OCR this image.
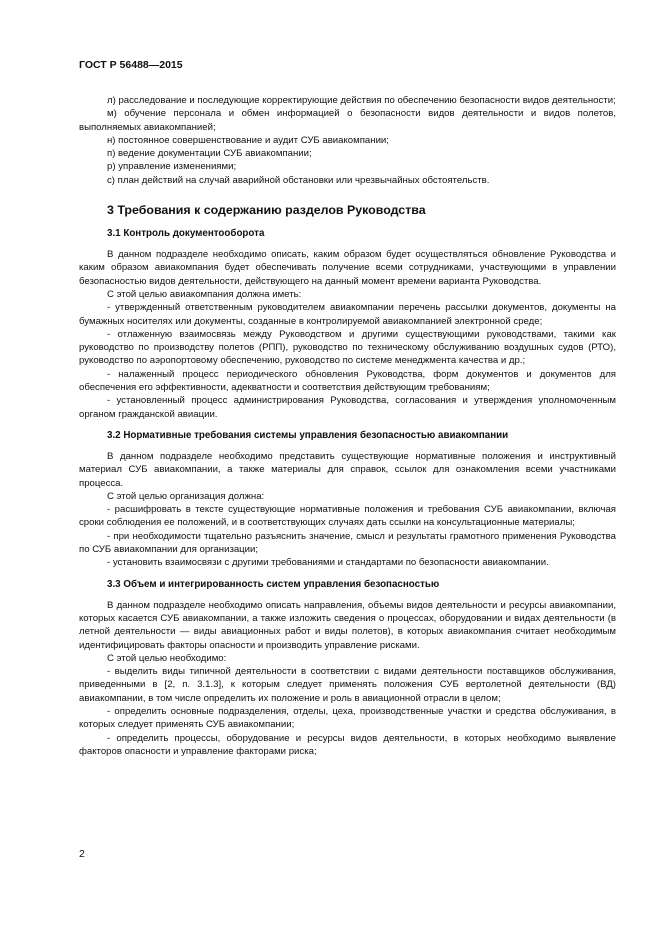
ГОСТ Р 56488—2015

л) расследование и последующие корректирующие действия по обеспечению безопасности видов деятельности;

м) обучение персонала и обмен информацией о безопасности видов деятельности и видов полетов, выполняемых авиакомпанией;

н) постоянное совершенствование и аудит СУБ авиакомпании;

п) ведение документации СУБ авиакомпании;

р) управление изменениями;

с) план действий на случай аварийной обстановки или чрезвычайных обстоятельств.

3 Требования к содержанию разделов Руководства
3.1 Контроль документооборота

В данном подразделе необходимо описать, каким образом будет осуществляться обновление Руководства и каким образом авиакомпания будет обеспечивать получение всеми сотрудниками, участвующими в управлении безопасностью видов деятельности, действующего на данный момент времени варианта Руководства.

С этой целью авиакомпания должна иметь:

- утвержденный ответственным руководителем авиакомпании перечень рассылки документов, документы на бумажных носителях или документы, созданные в контролируемой авиакомпанией электронной среде;

- отлаженную взаимосвязь между Руководством и другими существующими руководствами, такими как руководство по производству полетов (РПП), руководство по техническому обслуживанию воздушных судов (РТО), руководство по аэропортовому обеспечению, руководство по системе менеджмента качества и др.;

- налаженный процесс периодического обновления Руководства, форм документов и документов для обеспечения его эффективности, адекватности и соответствия действующим требованиям;

- установленный процесс администрирования Руководства, согласования и утверждения уполномоченным органом гражданской авиации.

3.2 Нормативные требования системы управления безопасностью авиакомпании

В данном подразделе необходимо представить существующие нормативные положения и инструктивный материал СУБ авиакомпании, а также материалы для справок, ссылок для ознакомления всеми участниками процесса.

С этой целью организация должна:

- расшифровать в тексте существующие нормативные положения и требования СУБ авиакомпании, включая сроки соблюдения ее положений, и в соответствующих случаях дать ссылки на консультационные материалы;

- при необходимости тщательно разъяснить значение, смысл и результаты грамотного применения Руководства по СУБ авиакомпании для организации;

- установить взаимосвязи с другими требованиями и стандартами по безопасности авиакомпании.

3.3 Объем и интегрированность систем управления безопасностью

В данном подразделе необходимо описать направления, объемы видов деятельности и ресурсы авиакомпании, которых касается СУБ авиакомпании, а также изложить сведения о процессах, оборудовании и видах деятельности (в летной деятельности — виды авиационных работ и виды полетов), в которых авиакомпания считает необходимым идентифицировать факторы опасности и производить управление рисками.

С этой целью необходимо:

- выделить виды типичной деятельности в соответствии с видами деятельности поставщиков обслуживания, приведенными в [2, п. 3.1.3], к которым следует применять положения СУБ вертолетной деятельности (ВД) авиакомпании, в том числе определить их положение и роль в авиационной отрасли в целом;

- определить основные подразделения, отделы, цеха, производственные участки и средства обслуживания, в которых следует применять СУБ авиакомпании;

- определить процессы, оборудование и ресурсы видов деятельности, в которых необходимо выявление факторов опасности и управление факторами риска;

2
